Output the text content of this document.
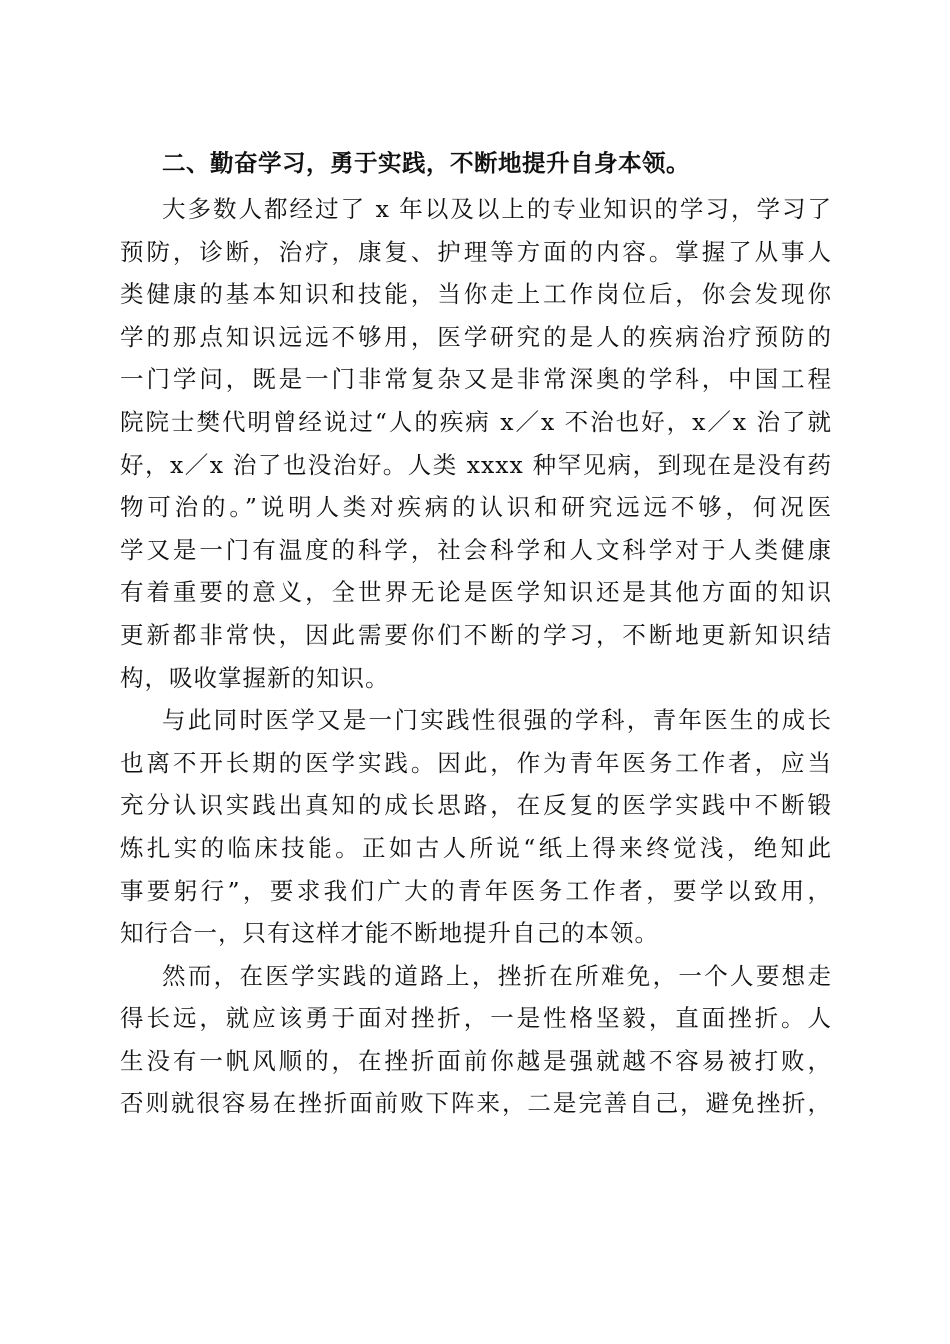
二、勤奋学习，勇于实践，不断地提升自身本领。
大多数人都经过了 x 年以及以上的专业知识的学习，学习了
预防，诊断，治疗，康复、护理等方面的内容。掌握了从事人
类健康的基本知识和技能，当你走上工作岗位后，你会发现你
学的那点知识远远不够用，医学研究的是人的疾病治疗预防的
一门学问，既是一门非常复杂又是非常深奥的学科，中国工程
院院士樊代明曾经说过“人的疾病 x／x 不治也好，x／x 治了就
好，x／x 治了也没治好。人类 xxxx 种罕见病，到现在是没有药
物可治的。”说明人类对疾病的认识和研究远远不够，何况医
学又是一门有温度的科学，社会科学和人文科学对于人类健康
有着重要的意义，全世界无论是医学知识还是其他方面的知识
更新都非常快，因此需要你们不断的学习，不断地更新知识结
构，吸收掌握新的知识。
与此同时医学又是一门实践性很强的学科，青年医生的成长
也离不开长期的医学实践。因此，作为青年医务工作者，应当
充分认识实践出真知的成长思路，在反复的医学实践中不断锻
炼扎实的临床技能。正如古人所说“纸上得来终觉浅，绝知此
事要躬行”，要求我们广大的青年医务工作者，要学以致用，
知行合一，只有这样才能不断地提升自己的本领。
然而，在医学实践的道路上，挫折在所难免，一个人要想走
得长远，就应该勇于面对挫折，一是性格坚毅，直面挫折。人
生没有一帆风顺的，在挫折面前你越是强就越不容易被打败，
否则就很容易在挫折面前败下阵来，二是完善自己，避免挫折，
